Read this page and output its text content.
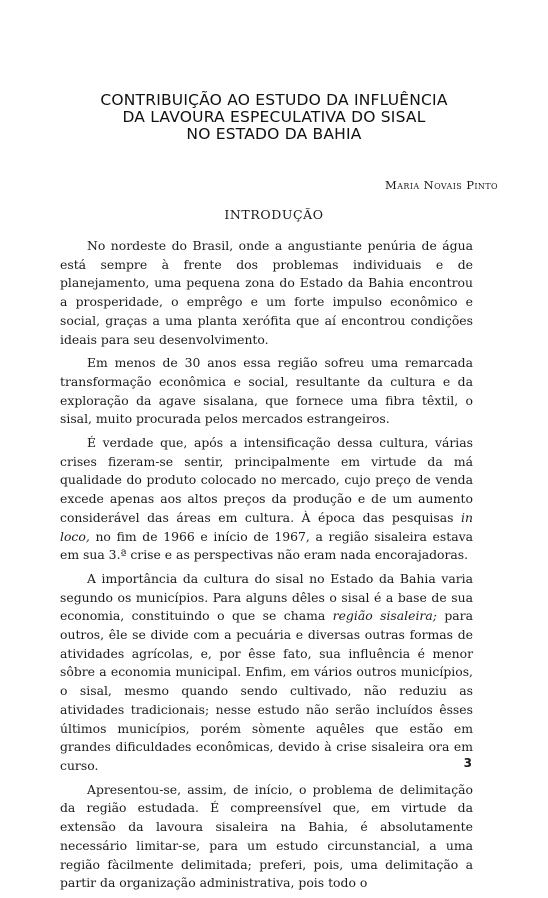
CONTRIBUIÇÃO AO ESTUDO DA INFLUÊNCIA
DA LAVOURA ESPECULATIVA DO SISAL
NO ESTADO DA BAHIA
Maria Novais Pinto
INTRODUÇÃO

No nordeste do Brasil, onde a angustiante penúria de água está sempre à frente dos problemas individuais e de planejamento, uma pequena zona do Estado da Bahia encontrou a prosperidade, o emprêgo e um forte impulso econômico e social, graças a uma planta xerófita que aí encontrou condições ideais para seu desenvolvimento.

Em menos de 30 anos essa região sofreu uma remarcada transformação econômica e social, resultante da cultura e da exploração da agave sisalana, que fornece uma fibra têxtil, o sisal, muito procurada pelos mercados estrangeiros.

É verdade que, após a intensificação dessa cultura, várias crises fizeram-se sentir, principalmente em virtude da má qualidade do produto colocado no mercado, cujo preço de venda excede apenas aos altos preços da produção e de um aumento considerável das áreas em cultura. À época das pesquisas in loco, no fim de 1966 e início de 1967, a região sisaleira estava em sua 3.ª crise e as perspectivas não eram nada encorajadoras.

A importância da cultura do sisal no Estado da Bahia varia segundo os municípios. Para alguns dêles o sisal é a base de sua economia, constituindo o que se chama região sisaleira; para outros, êle se divide com a pecuária e diversas outras formas de atividades agrícolas, e, por êsse fato, sua influência é menor sôbre a economia municipal. Enfim, em vários outros municípios, o sisal, mesmo quando sendo cultivado, não reduziu as atividades tradicionais; nesse estudo não serão incluídos êsses últimos municípios, porém sòmente aquêles que estão em grandes dificuldades econômicas, devido à crise sisaleira ora em curso.

Apresentou-se, assim, de início, o problema de delimitação da região estudada. É compreensível que, em virtude da extensão da lavoura sisaleira na Bahia, é absolutamente necessário limitar-se, para um estudo circunstancial, a uma região fàcilmente delimitada; preferi, pois, uma delimitação a partir da organização administrativa, pois todo o

3
